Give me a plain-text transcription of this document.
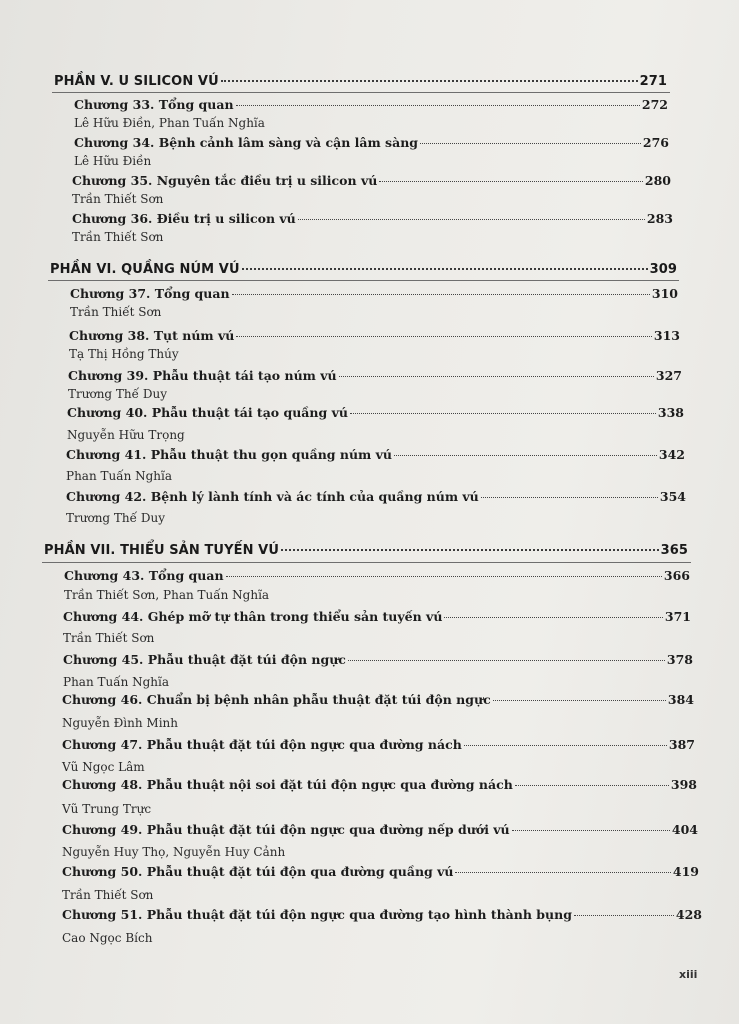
PHẦN V. U SILICON VÚ	271
Chương 33. Tổng quan	272
Lê Hữu Điền, Phan Tuấn Nghĩa
Chương 34. Bệnh cảnh lâm sàng và cận lâm sàng	276
Lê Hữu Điền
Chương 35. Nguyên tắc điều trị u silicon vú	280
Trần Thiết Sơn
Chương 36. Điều trị u silicon vú	283
Trần Thiết Sơn
PHẦN VI. QUẦNG NÚM VÚ	309
Chương 37. Tổng quan	310
Trần Thiết Sơn
Chương 38. Tụt núm vú	313
Tạ Thị Hồng Thúy
Chương 39. Phẫu thuật tái tạo núm vú	327
Trương Thế Duy
Chương 40. Phẫu thuật tái tạo quầng vú	338
Nguyễn Hữu Trọng
Chương 41. Phẫu thuật thu gọn quầng núm vú	342
Phan Tuấn Nghĩa
Chương 42. Bệnh lý lành tính và ác tính của quầng núm vú	354
Trương Thế Duy
PHẦN VII. THIỂU SẢN TUYẾN VÚ	365
Chương 43. Tổng quan	366
Trần Thiết Sơn, Phan Tuấn Nghĩa
Chương 44. Ghép mỡ tự thân trong thiểu sản tuyến vú	371
Trần Thiết Sơn
Chương 45. Phẫu thuật đặt túi độn ngực	378
Phan Tuấn Nghĩa
Chương 46. Chuẩn bị bệnh nhân phẫu thuật đặt túi độn ngực	384
Nguyễn Đình Minh
Chương 47. Phẫu thuật đặt túi độn ngực qua đường nách	387
Vũ Ngọc Lâm
Chương 48. Phẫu thuật nội soi đặt túi độn ngực qua đường nách	398
Vũ Trung Trực
Chương 49. Phẫu thuật đặt túi độn ngực qua đường nếp dưới vú	404
Nguyễn Huy Thọ, Nguyễn Huy Cảnh
Chương 50. Phẫu thuật đặt túi độn qua đường quầng vú	419
Trần Thiết Sơn
Chương 51. Phẫu thuật đặt túi độn ngực qua đường tạo hình thành bụng	428
Cao Ngọc Bích
xiii
